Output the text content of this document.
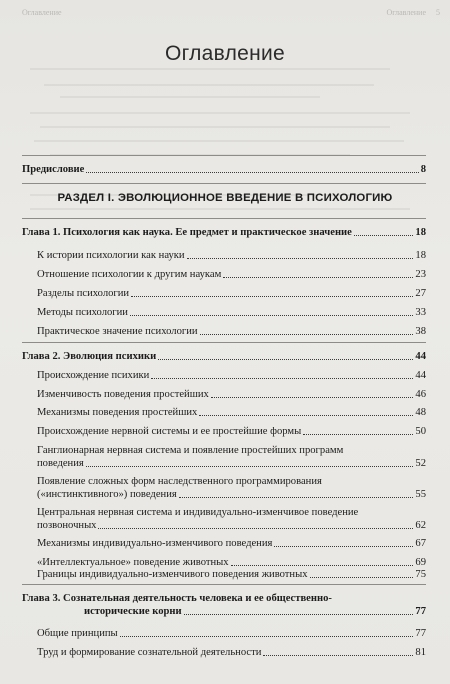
Оглавление	Оглавление 5
Оглавление
Предисловие	8
РАЗДЕЛ I. ЭВОЛЮЦИОННОЕ ВВЕДЕНИЕ В ПСИХОЛОГИЮ
Глава 1. Психология как наука. Ее предмет и практическое значение	18
К истории психологии как науки	18
Отношение психологии к другим наукам	23
Разделы психологии	27
Методы психологии	33
Практическое значение психологии	38
Глава 2. Эволюция психики	44
Происхождение психики	44
Изменчивость поведения простейших	46
Механизмы поведения простейших	48
Происхождение нервной системы и ее простейшие формы	50
Ганглионарная нервная система и появление простейших программ
поведения	52
Появление сложных форм наследственного программирования
(«инстинктивного») поведения	55
Центральная нервная система и индивидуально-изменчивое поведение
позвоночных	62
Механизмы индивидуально-изменчивого поведения	67
«Интеллектуальное» поведение животных	69
Границы индивидуально-изменчивого поведения животных	75
Глава 3. Сознательная деятельность человека и ее общественно-
исторические корни	77
Общие принципы	77
Труд и формирование сознательной деятельности	81
